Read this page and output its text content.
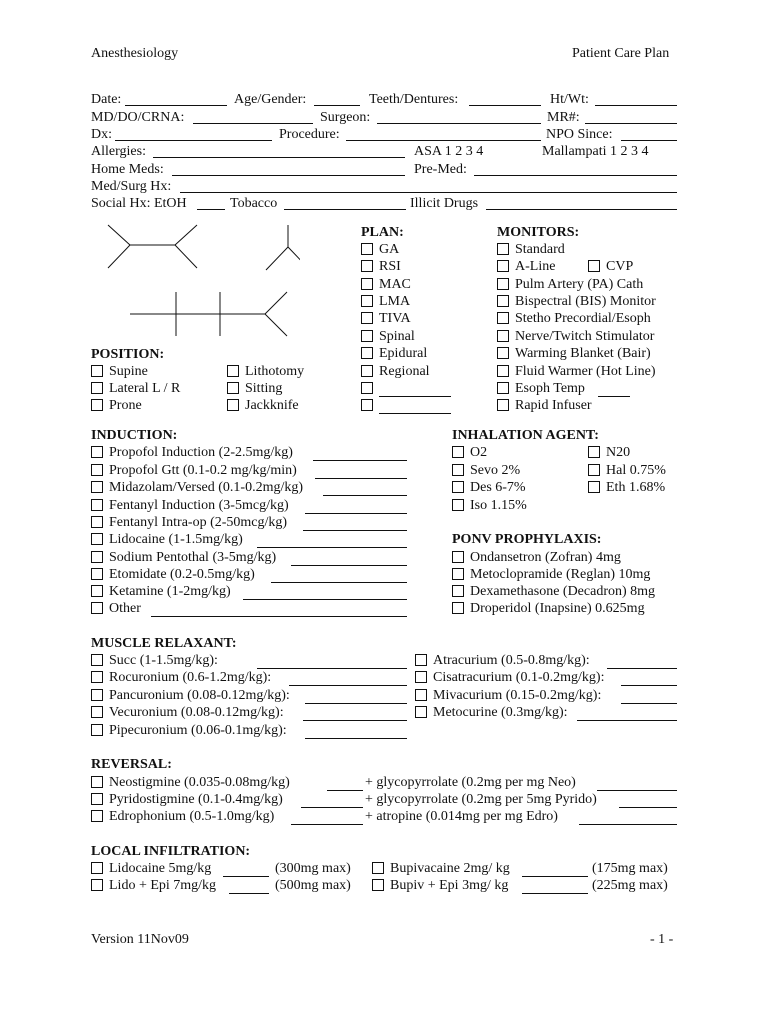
Anesthesiology	Patient Care Plan
Date:	Age/Gender:	Teeth/Dentures:	Ht/Wt:
MD/DO/CRNA:	Surgeon:	MR#:
Dx:	Procedure:	NPO Since:
Allergies:	ASA 1 2 3 4	Mallampati 1 2 3 4
Home Meds:	Pre-Med:
Med/Surg Hx:
Social Hx: EtOH	Tobacco	Illicit Drugs
POSITION:
Supine
Lateral L / R
Prone
Lithotomy
Sitting
Jackknife
PLAN:
GA
RSI
MAC
LMA
TIVA
Spinal
Epidural
Regional
MONITORS:
Standard
A-Line	CVP
Pulm Artery (PA) Cath
Bispectral (BIS) Monitor
Stetho Precordial/Esoph
Nerve/Twitch Stimulator
Warming Blanket (Bair)
Fluid Warmer (Hot Line)
Esoph Temp
Rapid Infuser
INDUCTION:
Propofol Induction (2-2.5mg/kg)
Propofol Gtt (0.1-0.2 mg/kg/min)
Midazolam/Versed (0.1-0.2mg/kg)
Fentanyl Induction (3-5mcg/kg)
Fentanyl Intra-op (2-50mcg/kg)
Lidocaine (1-1.5mg/kg)
Sodium Pentothal (3-5mg/kg)
Etomidate (0.2-0.5mg/kg)
Ketamine (1-2mg/kg)
Other
INHALATION AGENT:
O2
Sevo 2%
Des 6-7%
Iso 1.15%
N20
Hal 0.75%
Eth 1.68%
PONV PROPHYLAXIS:
Ondansetron (Zofran) 4mg
Metoclopramide (Reglan) 10mg
Dexamethasone (Decadron) 8mg
Droperidol (Inapsine) 0.625mg
MUSCLE RELAXANT:
Succ (1-1.5mg/kg):
Rocuronium (0.6-1.2mg/kg):
Pancuronium (0.08-0.12mg/kg):
Vecuronium (0.08-0.12mg/kg):
Pipecuronium (0.06-0.1mg/kg):
Atracurium (0.5-0.8mg/kg):
Cisatracurium (0.1-0.2mg/kg):
Mivacurium (0.15-0.2mg/kg):
Metocurine (0.3mg/kg):
REVERSAL:
Neostigmine (0.035-0.08mg/kg)	+ glycopyrrolate (0.2mg per mg Neo)
Pyridostigmine (0.1-0.4mg/kg)	+ glycopyrrolate (0.2mg per 5mg Pyrido)
Edrophonium (0.5-1.0mg/kg)	+ atropine (0.014mg per mg Edro)
LOCAL INFILTRATION:
Lidocaine 5mg/kg	(300mg max)
Lido + Epi 7mg/kg	(500mg max)
Bupivacaine 2mg/ kg	(175mg max)
Bupiv + Epi 3mg/ kg	(225mg max)
Version 11Nov09	- 1 -
